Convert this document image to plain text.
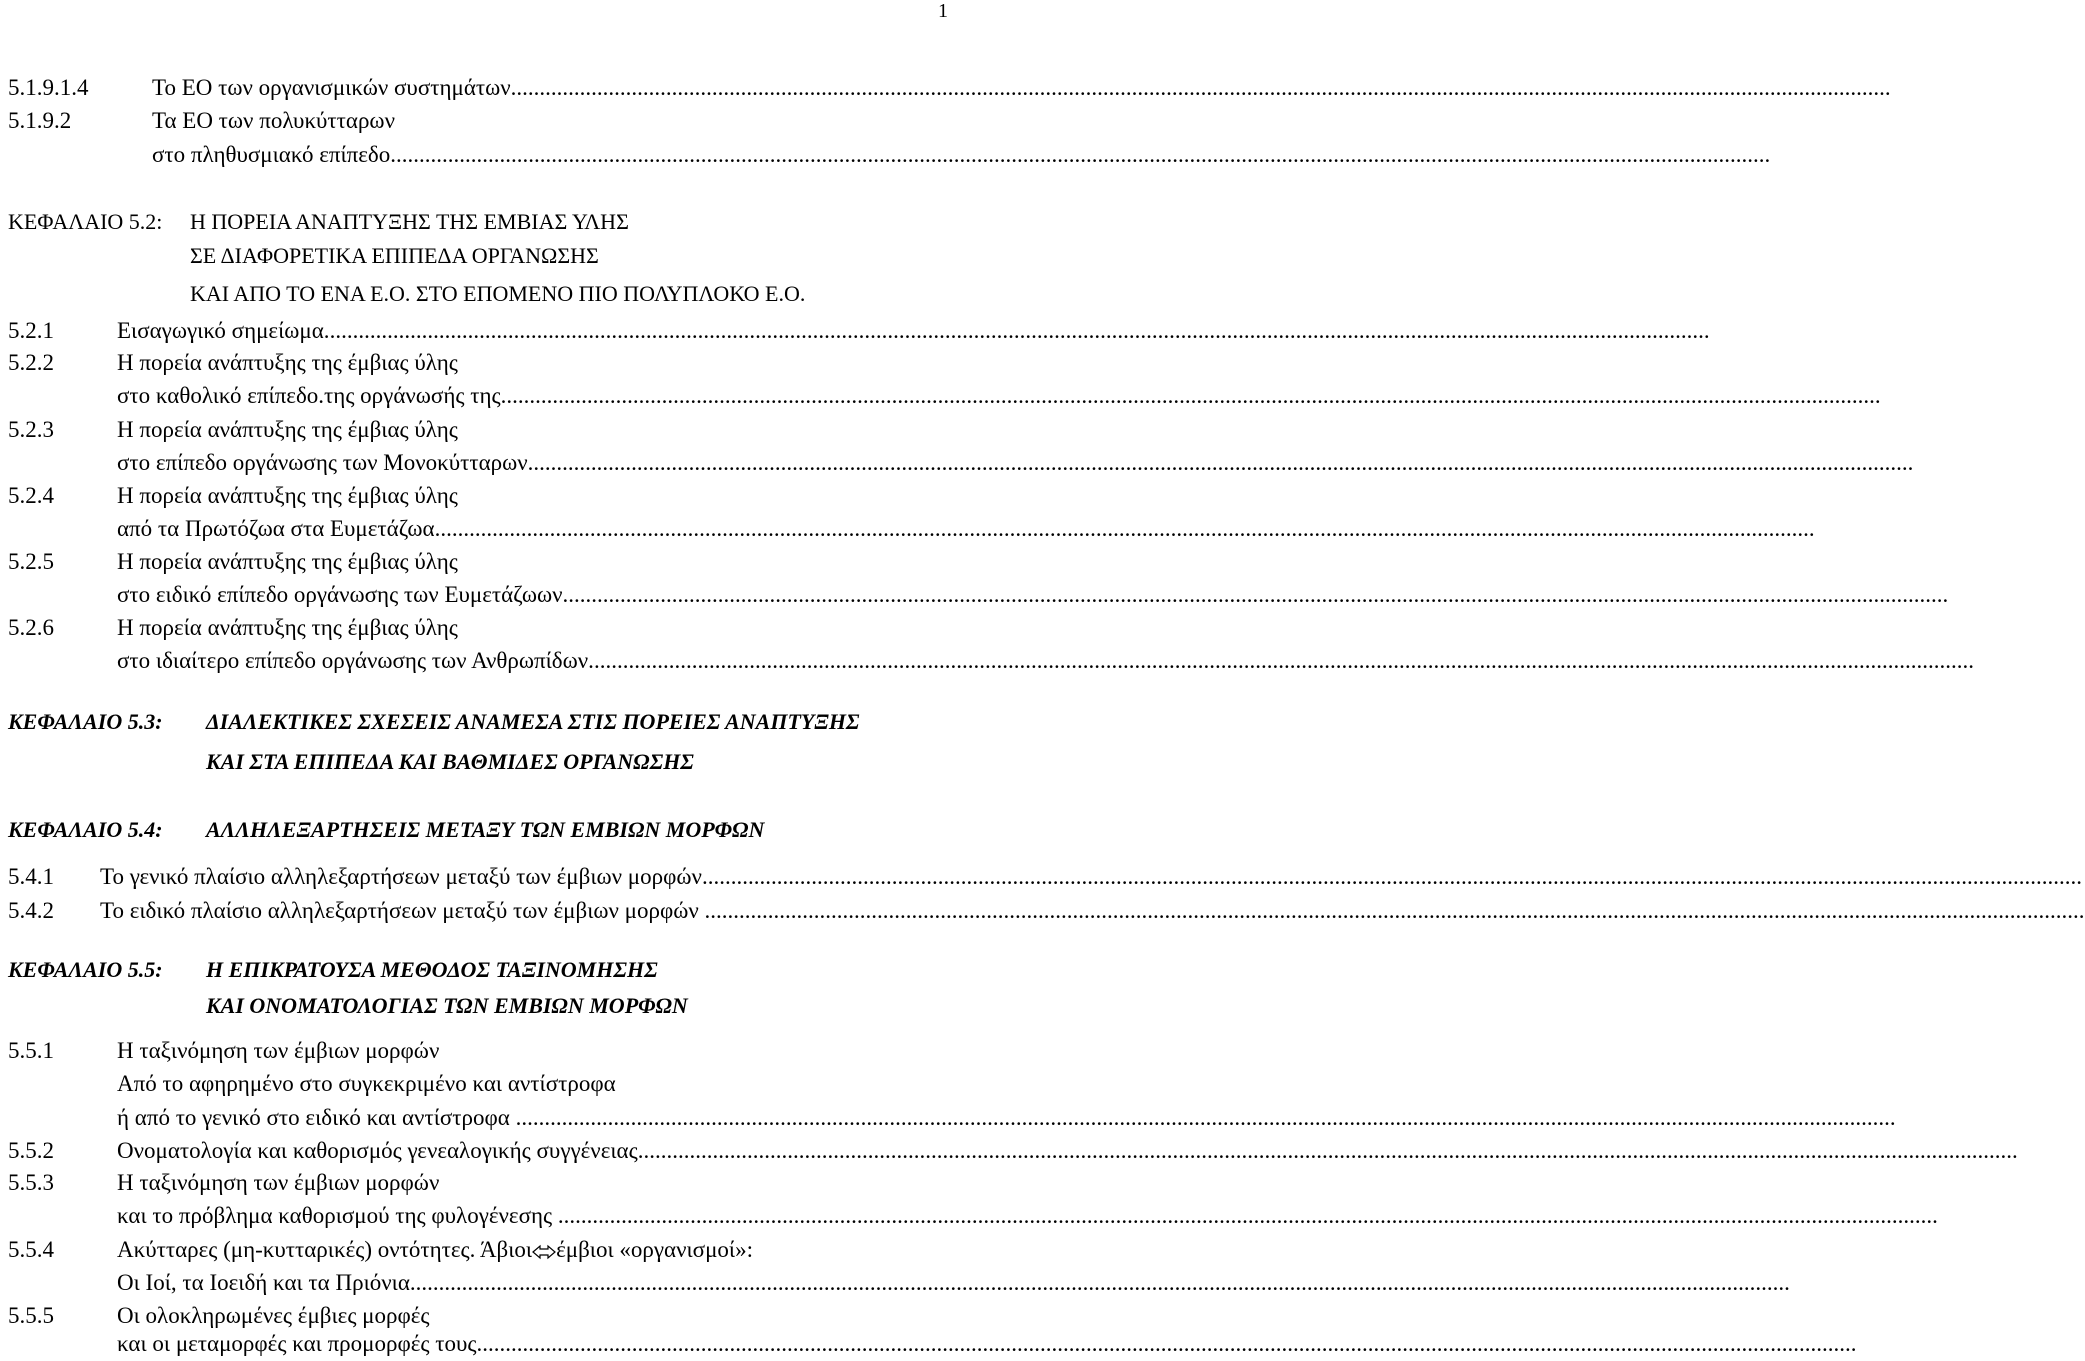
1
5.1.9.1.4	Το ΕΟ των οργανισμικών συστημάτων................................................................................................................................................................................................................................................
5.1.9.2	Τα ΕΟ των πολυκύτταρων
στο πληθυσμιακό επίπεδο................................................................................................................................................................................................................................................
ΚΕΦΑΛΑΙΟ 5.2: Η ΠΟΡΕΙΑ ΑΝΑΠΤΥΞΗΣ ΤΗΣ ΕΜΒΙΑΣ ΥΛΗΣ
ΣΕ ΔΙΑΦΟΡΕΤΙΚΑ ΕΠΙΠΕΔΑ ΟΡΓΑΝΩΣΗΣ
ΚΑΙ ΑΠΟ ΤΟ ΕΝΑ Ε.Ο. ΣΤΟ ΕΠΟΜΕΝΟ ΠΙΟ ΠΟΛΥΠΛΟΚΟ Ε.Ο.
5.2.1	Εισαγωγικό σημείωμα.................................................................................................................................................................................................................................................
5.2.2	Η πορεία ανάπτυξης της έμβιας ύλης
στο καθολικό επίπεδο.της οργάνωσής της................................................................................................................................................................................................................................................
5.2.3	Η πορεία ανάπτυξης της έμβιας ύλης
στο επίπεδο οργάνωσης των Μονοκύτταρων.................................................................................................................................................................................................................................................
5.2.4	Η πορεία ανάπτυξης της έμβιας ύλης
από τα Πρωτόζωα στα Ευμετάζωα................................................................................................................................................................................................................................................
5.2.5	Η πορεία ανάπτυξης της έμβιας ύλης
στο ειδικό επίπεδο οργάνωσης των Ευμετάζωων.................................................................................................................................................................................................................................................
5.2.6	Η πορεία ανάπτυξης της έμβιας ύλης
στο ιδιαίτερο επίπεδο οργάνωσης των Ανθρωπίδων.................................................................................................................................................................................................................................................
ΚΕΦΑΛΑΙΟ 5.3: ΔΙΑΛΕΚΤΙΚΕΣ ΣΧΕΣΕΙΣ ΑΝΑΜΕΣΑ ΣΤΙΣ ΠΟΡΕΙΕΣ ΑΝΑΠΤΥΞΗΣ
ΚΑΙ ΣΤΑ ΕΠΙΠΕΔΑ ΚΑΙ ΒΑΘΜΙΔΕΣ ΟΡΓΑΝΩΣΗΣ
ΚΕΦΑΛΑΙΟ 5.4: ΑΛΛΗΛΕΞΑΡΤΗΣΕΙΣ ΜΕΤΑΞΥ ΤΩΝ ΕΜΒΙΩΝ ΜΟΡΦΩΝ
5.4.1 Το γενικό πλαίσιο αλληλεξαρτήσεων μεταξύ των έμβιων μορφών................................................................................................................................................................................................................................................
5.4.2 Το ειδικό πλαίσιο αλληλεξαρτήσεων μεταξύ των έμβιων μορφών ................................................................................................................................................................................................................................................
ΚΕΦΑΛΑΙΟ 5.5: Η ΕΠΙΚΡΑΤΟΥΣΑ ΜΕΘΟΔΟΣ ΤΑΞΙΝΟΜΗΣΗΣ
ΚΑΙ ΟΝΟΜΑΤΟΛΟΓΙΑΣ ΤΩΝ ΕΜΒΙΩΝ ΜΟΡΦΩΝ
5.5.1	Η ταξινόμηση των έμβιων μορφών
Από το αφηρημένο στο συγκεκριμένο και αντίστροφα
ή από το γενικό στο ειδικό και αντίστροφα ................................................................................................................................................................................................................................................
5.5.2	Ονοματολογία και καθορισμός γενεαλογικής συγγένειας................................................................................................................................................................................................................................................
5.5.3	Η ταξινόμηση των έμβιων μορφών
και το πρόβλημα καθορισμού της φυλογένεσης ................................................................................................................................................................................................................................................
5.5.4	Ακύτταρες (μη-κυτταρικές) οντότητες. Άβιοι έμβιοι «οργανισμοί»:
Οι Ιοί, τα Ιοειδή και τα Πριόνια................................................................................................................................................................................................................................................
5.5.5	Οι ολοκληρωμένες έμβιες μορφές
και οι μεταμορφές και προμορφές τους................................................................................................................................................................................................................................................
